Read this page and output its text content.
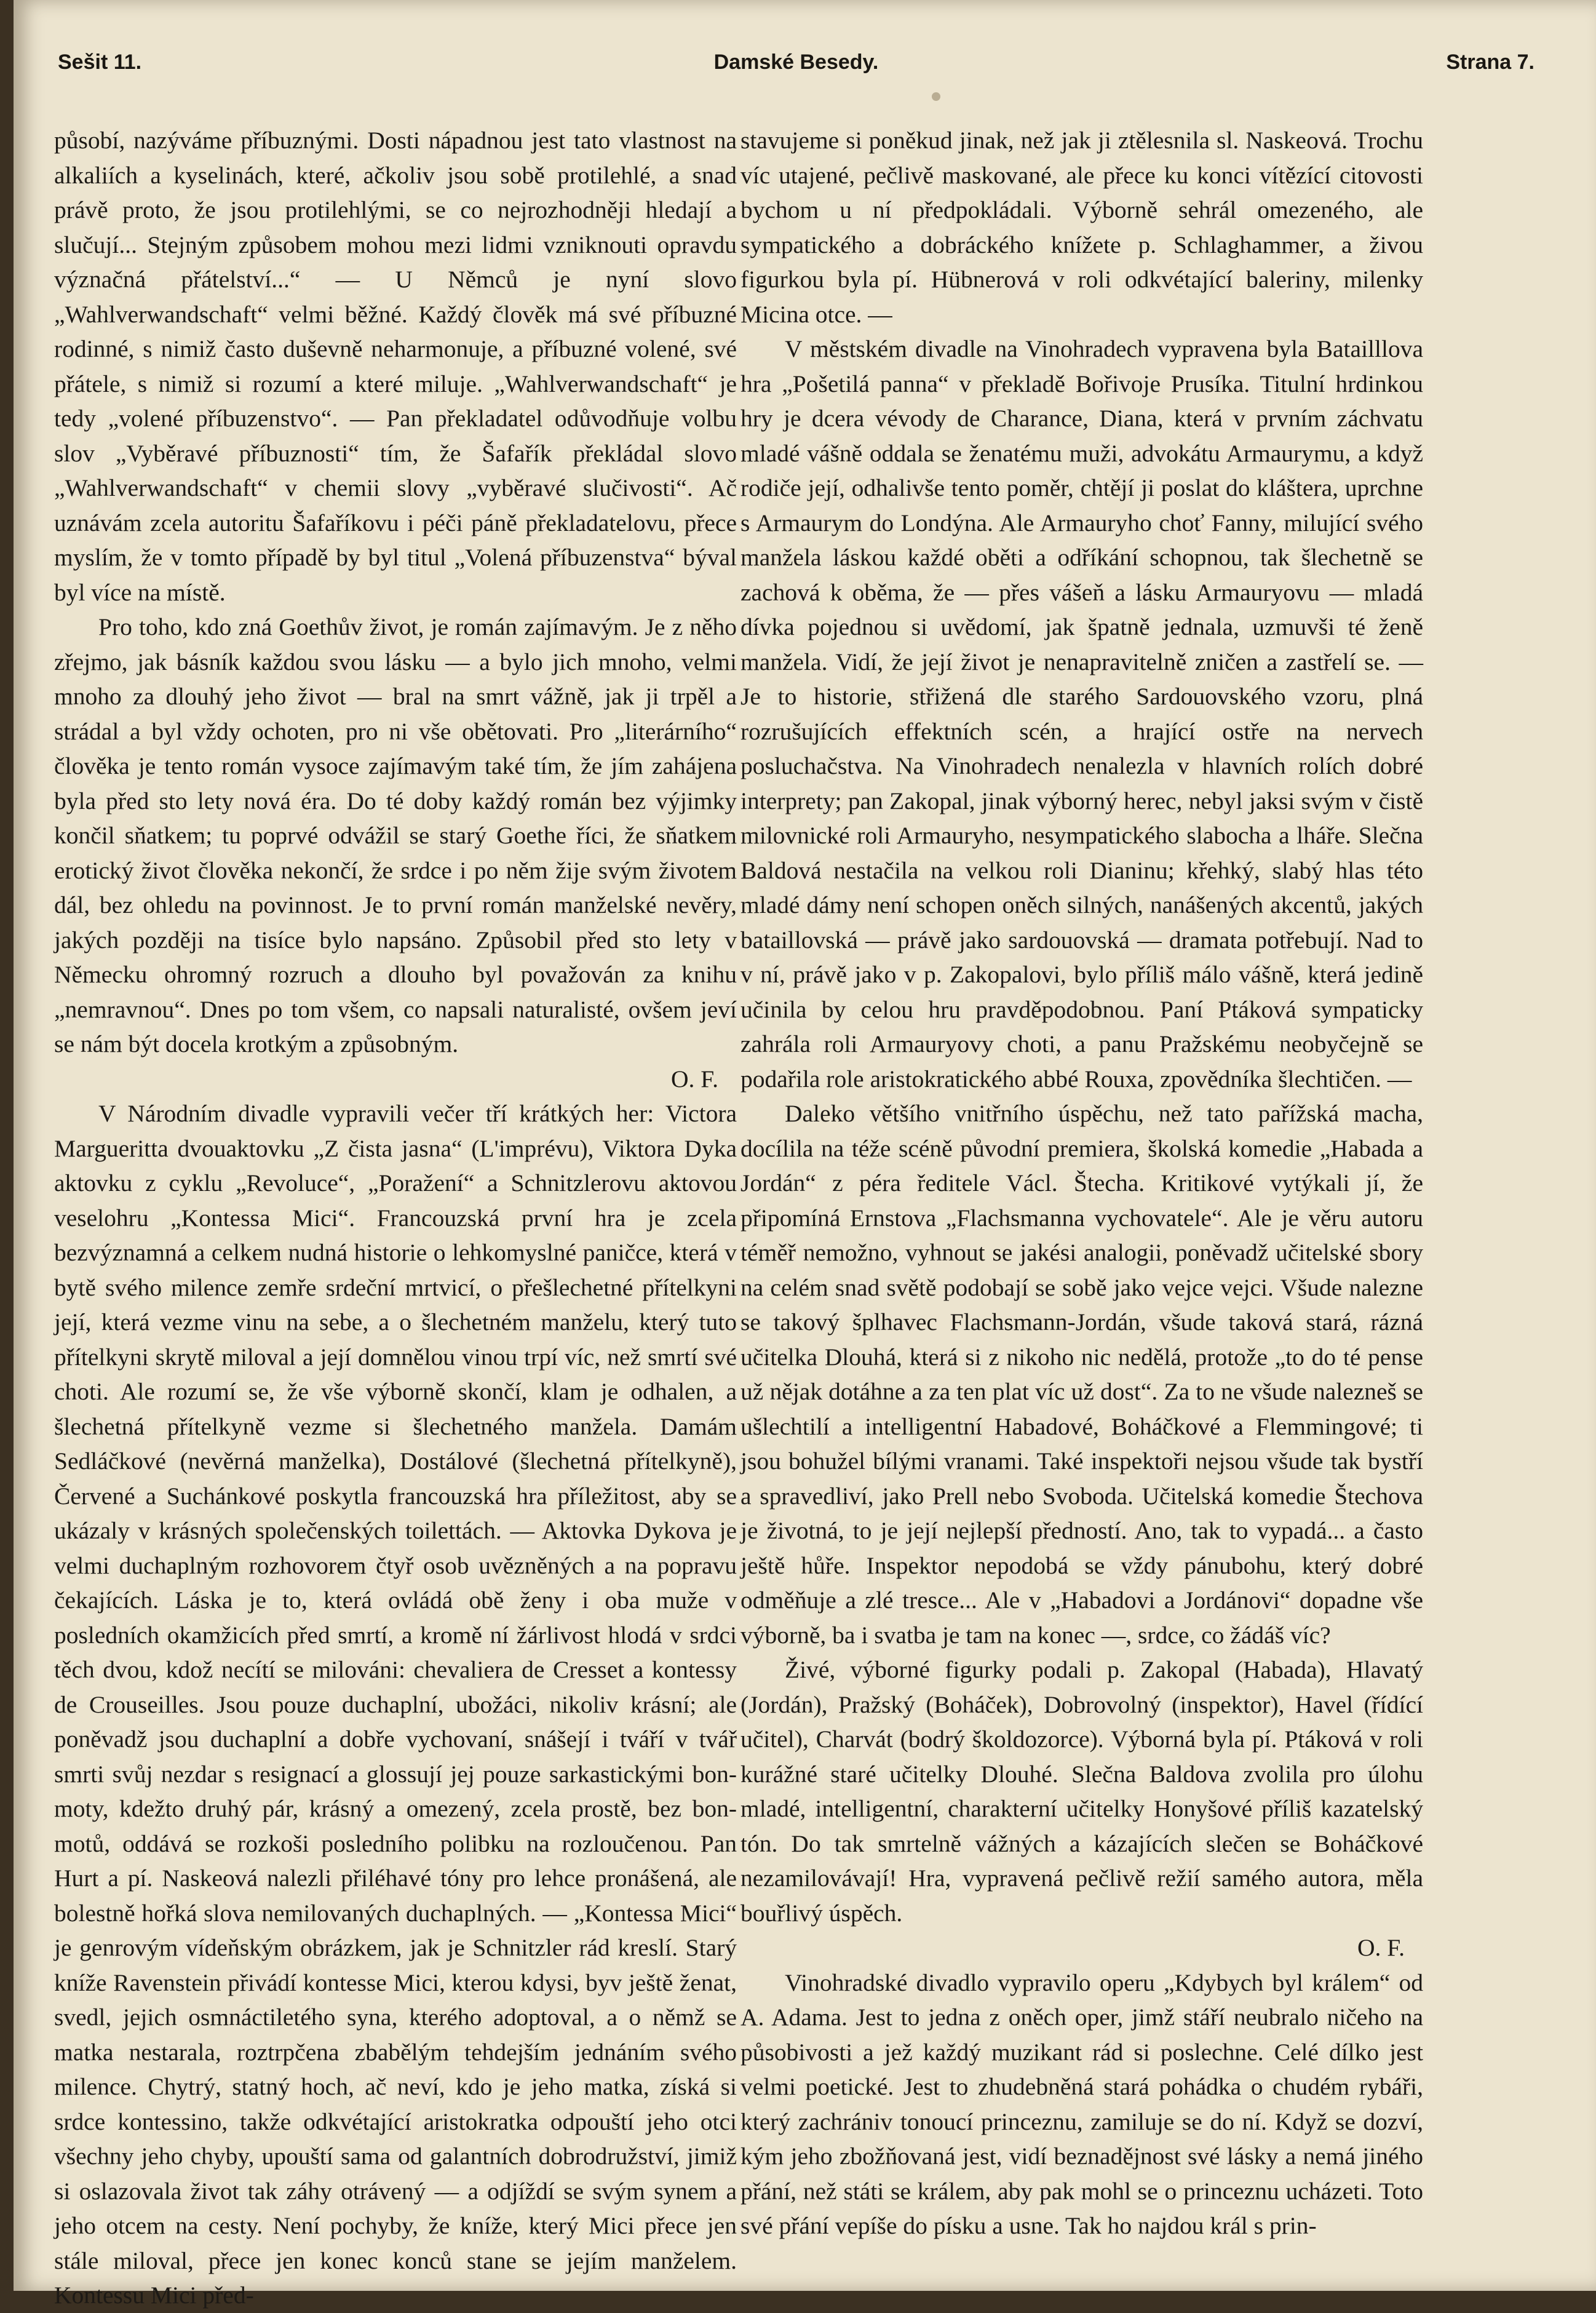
Sešit 11.	Damské Besedy.	Strana 7.

působí, nazýváme příbuznými. Dosti nápadnou jest tato vlastnost na alkaliích a kyselinách, které, ačkoliv jsou sobě protilehlé, a snad právě proto, že jsou protilehlými, se co nejrozhodněji hledají a slučují... Stejným způsobem mohou mezi lidmi vzniknouti opravdu význačná přátelství...“ — U Němců je nyní slovo „Wahlverwandschaft“ velmi běžné. Každý člověk má své příbuzné rodinné, s nimiž často duševně neharmonuje, a příbuzné volené, své přátele, s nimiž si rozumí a které miluje. „Wahlverwandschaft“ je tedy „volené příbuzenstvo“. — Pan překladatel odůvodňuje volbu slov „Vyběravé příbuznosti“ tím, že Šafařík překládal slovo „Wahlverwandschaft“ v chemii slovy „vyběravé slučivosti“. Ač uznávám zcela autoritu Šafaříkovu i péči páně překladatelovu, přece myslím, že v tomto případě by byl titul „Volená příbuzenstva“ býval byl více na místě.

Pro toho, kdo zná Goethův život, je román zajímavým. Je z něho zřejmo, jak básník každou svou lásku — a bylo jich mnoho, velmi mnoho za dlouhý jeho život — bral na smrt vážně, jak ji trpěl a strádal a byl vždy ochoten, pro ni vše obětovati. Pro „literárního“ člověka je tento román vysoce zajímavým také tím, že jím zahájena byla před sto lety nová éra. Do té doby každý román bez výjimky končil sňatkem; tu poprvé odvážil se starý Goethe říci, že sňatkem erotický život člověka nekončí, že srdce i po něm žije svým životem dál, bez ohledu na povinnost. Je to první román manželské nevěry, jakých později na tisíce bylo napsáno. Způsobil před sto lety v Německu ohromný rozruch a dlouho byl považován za knihu „nemravnou“. Dnes po tom všem, co napsali naturalisté, ovšem jeví se nám být docela krotkým a způsobným.

O. F.

V Národním divadle vypravili večer tří krátkých her: Victora Margueritta dvouaktovku „Z čista jasna“ (L'imprévu), Viktora Dyka aktovku z cyklu „Revoluce“, „Poražení“ a Schnitzlerovu aktovou veselohru „Kontessa Mici“. Francouzská první hra je zcela bezvýznamná a celkem nudná historie o lehkomyslné paničce, která v bytě svého milence zemře srdeční mrtvicí, o přešlechetné přítelkyni její, která vezme vinu na sebe, a o šlechetném manželu, který tuto přítelkyni skrytě miloval a její domnělou vinou trpí víc, než smrtí své choti. Ale rozumí se, že vše výborně skončí, klam je odhalen, a šlechetná přítelkyně vezme si šlechetného manžela. Damám Sedláčkové (nevěrná manželka), Dostálové (šlechetná přítelkyně), Červené a Suchánkové poskytla francouzská hra příležitost, aby se ukázaly v krásných společenských toilettách. — Aktovka Dykova je velmi duchaplným rozhovorem čtyř osob uvězněných a na popravu čekajících. Láska je to, která ovládá obě ženy i oba muže v posledních okamžicích před smrtí, a kromě ní žárlivost hlodá v srdci těch dvou, kdož necítí se milováni: chevaliera de Cresset a kontessy de Crouseilles. Jsou pouze duchaplní, ubožáci, nikoliv krásní; ale poněvadž jsou duchaplní a dobře vychovaní, snášejí i tváří v tvář smrti svůj nezdar s resignací a glossují jej pouze sarkastickými bon-moty, kdežto druhý pár, krásný a omezený, zcela prostě, bez bon-motů, oddává se rozkoši posledního polibku na rozloučenou. Pan Hurt a pí. Naskeová nalezli přiléhavé tóny pro lehce pronášená, ale bolestně hořká slova nemilovaných duchaplných. — „Kontessa Mici“ je genrovým vídeňským obrázkem, jak je Schnitzler rád kreslí. Starý kníže Ravenstein přivádí kontesse Mici, kterou kdysi, byv ještě ženat, svedl, jejich osmnáctiletého syna, kterého adoptoval, a o němž se matka nestarala, roztrpčena zbabělým tehdejším jednáním svého milence. Chytrý, statný hoch, ač neví, kdo je jeho matka, získá si srdce kontessino, takže odkvétající aristokratka odpouští jeho otci všechny jeho chyby, upouští sama od galantních dobrodružství, jimiž si oslazovala život tak záhy otrávený — a odjíždí se svým synem a jeho otcem na cesty. Není pochyby, že kníže, který Mici přece jen stále miloval, přece jen konec konců stane se jejím manželem. Kontessu Mici před-

stavujeme si poněkud jinak, než jak ji ztělesnila sl. Naskeová. Trochu víc utajené, pečlivě maskované, ale přece ku konci vítězící citovosti bychom u ní předpokládali. Výborně sehrál omezeného, ale sympatického a dobráckého knížete p. Schlaghammer, a živou figurkou byla pí. Hübnerová v roli odkvétající baleriny, milenky Micina otce. —

V městském divadle na Vinohradech vypravena byla Batailllova hra „Pošetilá panna“ v překladě Bořivoje Prusíka. Titulní hrdinkou hry je dcera vévody de Charance, Diana, která v prvním záchvatu mladé vášně oddala se ženatému muži, advokátu Armaurymu, a když rodiče její, odhalivše tento poměr, chtějí ji poslat do kláštera, uprchne s Armaurym do Londýna. Ale Armauryho choť Fanny, milující svého manžela láskou každé oběti a odříkání schopnou, tak šlechetně se zachová k oběma, že — přes vášeň a lásku Armauryovu — mladá dívka pojednou si uvědomí, jak špatně jednala, uzmuvši té ženě manžela. Vidí, že její život je nenapravitelně zničen a zastřelí se. — Je to historie, střižená dle starého Sardouovského vzoru, plná rozrušujících effektních scén, a hrající ostře na nervech posluchačstva. Na Vinohradech nenalezla v hlavních rolích dobré interprety; pan Zakopal, jinak výborný herec, nebyl jaksi svým v čistě milovnické roli Armauryho, nesympatického slabocha a lháře. Slečna Baldová nestačila na velkou roli Dianinu; křehký, slabý hlas této mladé dámy není schopen oněch silných, nanášených akcentů, jakých bataillovská — právě jako sardouovská — dramata potřebují. Nad to v ní, právě jako v p. Zakopalovi, bylo příliš málo vášně, která jedině učinila by celou hru pravděpodobnou. Paní Ptáková sympaticky zahrála roli Armauryovy choti, a panu Pražskému neobyčejně se podařila role aristokratického abbé Rouxa, zpovědníka šlechtičen. —

Daleko většího vnitřního úspěchu, než tato pařížská macha, docílila na téže scéně původní premiera, školská komedie „Habada a Jordán“ z péra ředitele Václ. Štecha. Kritikové vytýkali jí, že připomíná Ernstova „Flachsmanna vychovatele“. Ale je věru autoru téměř nemožno, vyhnout se jakési analogii, poněvadž učitelské sbory na celém snad světě podobají se sobě jako vejce vejci. Všude nalezne se takový šplhavec Flachsmann-Jordán, všude taková stará, rázná učitelka Dlouhá, která si z nikoho nic nedělá, protože „to do té pense už nějak dotáhne a za ten plat víc už dost“. Za to ne všude nalezneš se ušlechtilí a intelligentní Habadové, Boháčkové a Flemmingové; ti jsou bohužel bílými vranami. Také inspektoři nejsou všude tak bystří a spravedliví, jako Prell nebo Svoboda. Učitelská komedie Štechova je životná, to je její nejlepší předností. Ano, tak to vypadá... a často ještě hůře. Inspektor nepodobá se vždy pánubohu, který dobré odměňuje a zlé tresce... Ale v „Habadovi a Jordánovi“ dopadne vše výborně, ba i svatba je tam na konec —, srdce, co žádáš víc?

Živé, výborné figurky podali p. Zakopal (Habada), Hlavatý (Jordán), Pražský (Boháček), Dobrovolný (inspektor), Havel (řídící učitel), Charvát (bodrý školdozorce). Výborná byla pí. Ptáková v roli kurážné staré učitelky Dlouhé. Slečna Baldova zvolila pro úlohu mladé, intelligentní, charakterní učitelky Honyšové příliš kazatelský tón. Do tak smrtelně vážných a kázajících slečen se Boháčkové nezamilovávají! Hra, vypravená pečlivě režií samého autora, měla bouřlivý úspěch.

O. F.

Vinohradské divadlo vypravilo operu „Kdybych byl králem“ od A. Adama. Jest to jedna z oněch oper, jimž stáří neubralo ničeho na působivosti a jež každý muzikant rád si poslechne. Celé dílko jest velmi poetické. Jest to zhudebněná stará pohádka o chudém rybáři, který zachrániv tonoucí princeznu, zamiluje se do ní. Když se dozví, kým jeho zbožňovaná jest, vidí beznadějnost své lásky a nemá jiného přání, než státi se králem, aby pak mohl se o princeznu ucházeti. Toto své přání vepíše do písku a usne. Tak ho najdou král s prin-
